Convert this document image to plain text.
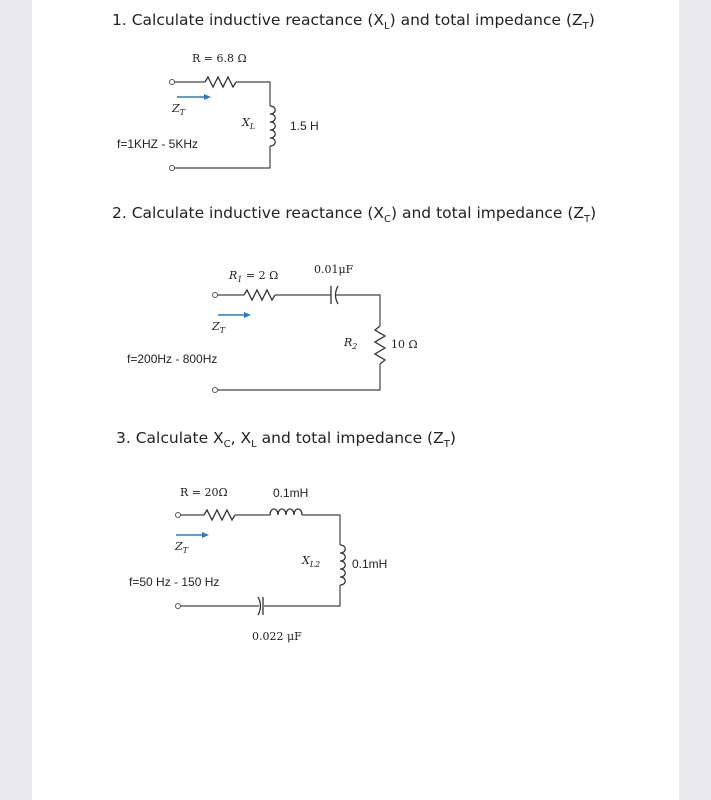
1. Calculate inductive reactance $(X_L)$ and total impedance $(Z_T)$
2. Calculate inductive reactance $(X_C)$ and total impedance $(Z_T)$
3. Calculate $X_C$, $X_L$ and total impedance $(Z_T)$
R = 6.8 Ω
$Z_T$
$X_L$	1.5 H
f=1KHZ - 5KHz
$R_1 = 2$ Ω	0.01μF
$Z_T$
$R_2$	10 Ω
f=200Hz - 800Hz
R = 20Ω	0.1mH
$Z_T$
$X_{L2}$	0.1mH
f=50 Hz - 150 Hz
0.022 μF
